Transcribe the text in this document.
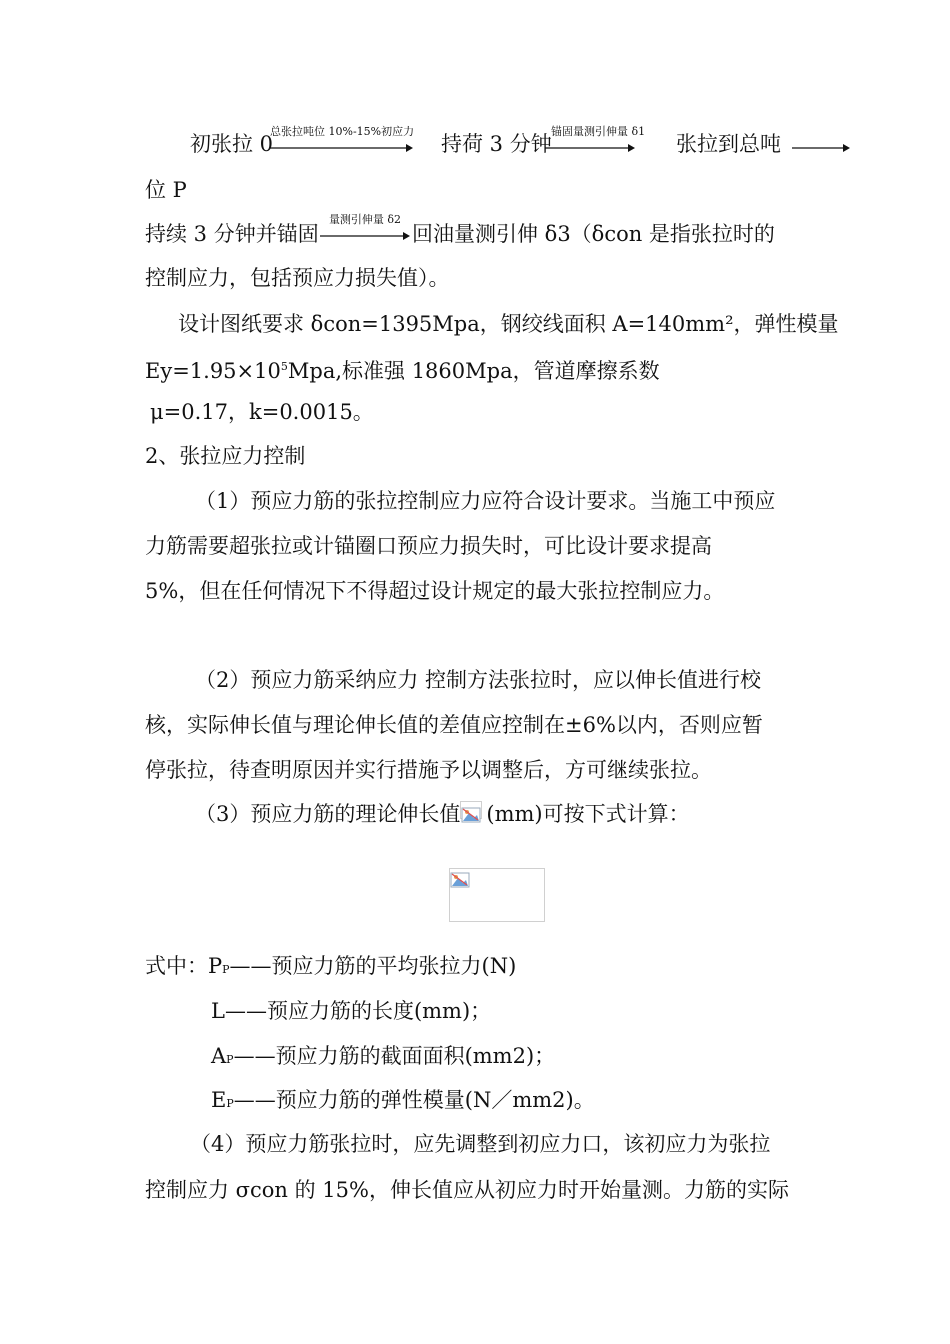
初张拉 0
总张拉吨位 10%-15%初应力
持荷 3 分钟
锚固量测引伸量 δ1
张拉到总吨
位 P
持续 3 分钟并锚固
量测引伸量 δ2
回油量测引伸 δ3（δcon 是指张拉时的
控制应力，包括预应力损失值）。
设计图纸要求 δcon=1395Mpa，钢绞线面积 A=140mm²，弹性模量
$Ey=1.95\times 10^5Mpa$,标准强 1860Mpa，管道摩擦系数
μ=0.17，k=0.0015。
2、张拉应力控制
（1）预应力筋的张拉控制应力应符合设计要求。当施工中预应
力筋需要超张拉或计锚圈口预应力损失时，可比设计要求提高
5%，但在任何情况下不得超过设计规定的最大张拉控制应力。
（2）预应力筋采纳应力 控制方法张拉时，应以伸长值进行校
核，实际伸长值与理论伸长值的差值应控制在±6%以内，否则应暂
停张拉，待查明原因并实行措施予以调整后，方可继续张拉。
（3）预应力筋的理论伸长值 (mm)可按下式计算：
式中：PP——预应力筋的平均张拉力(N)
L——预应力筋的长度(mm)；
AP——预应力筋的截面面积(mm2)；
EP——预应力筋的弹性模量(N／mm2)。
（4）预应力筋张拉时，应先调整到初应力口，该初应力为张拉
控制应力 σcon 的 15%，伸长值应从初应力时开始量测。力筋的实际
